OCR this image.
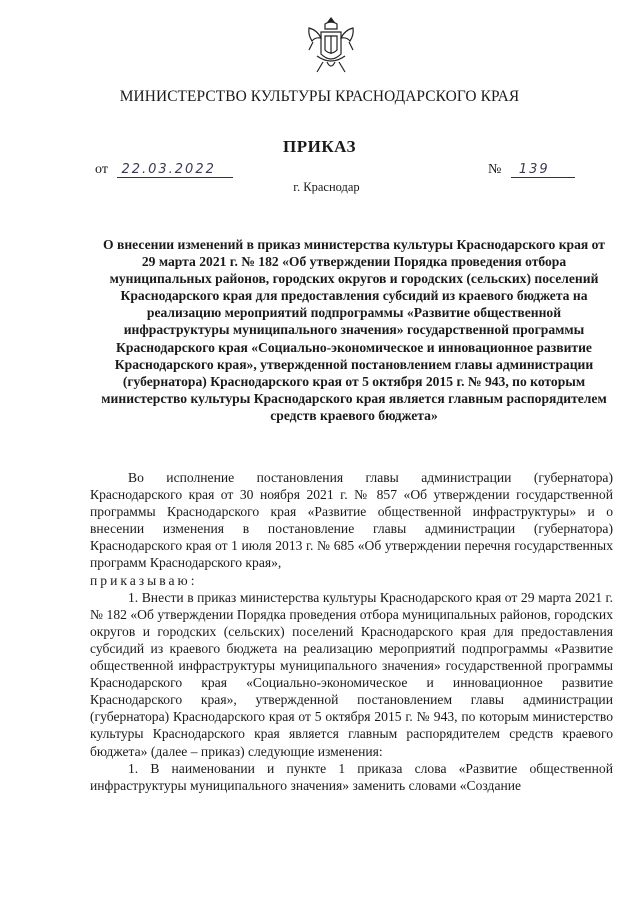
МИНИСТЕРСТВО КУЛЬТУРЫ КРАСНОДАРСКОГО КРАЯ
ПРИКАЗ
от 22.03.2022	№ 139
г. Краснодар
О внесении изменений в приказ министерства культуры Краснодарского края от 29 марта 2021 г. № 182 «Об утверждении Порядка проведения отбора муниципальных районов, городских округов и городских (сельских) поселений Краснодарского края для предоставления субсидий из краевого бюджета на реализацию мероприятий подпрограммы «Развитие общественной инфраструктуры муниципального значения» государственной программы Краснодарского края «Социально-экономическое и инновационное развитие Краснодарского края», утвержденной постановлением главы администрации (губернатора) Краснодарского края от 5 октября 2015 г. № 943, по которым министерство культуры Краснодарского края является главным распорядителем средств краевого бюджета»

Во исполнение постановления главы администрации (губернатора) Краснодарского края от 30 ноября 2021 г. № 857 «Об утверждении государственной программы Краснодарского края «Развитие общественной инфраструктуры» и о внесении изменения в постановление главы администрации (губернатора) Краснодарского края от 1 июля 2013 г. № 685 «Об утверждении перечня государственных программ Краснодарского края»,

приказываю:

1. Внести в приказ министерства культуры Краснодарского края от 29 марта 2021 г. № 182 «Об утверждении Порядка проведения отбора муниципальных районов, городских округов и городских (сельских) поселений Краснодарского края для предоставления субсидий из краевого бюджета на реализацию мероприятий подпрограммы «Развитие общественной инфраструктуры муниципального значения» государственной программы Краснодарского края «Социально-экономическое и инновационное развитие Краснодарского края», утвержденной постановлением главы администрации (губернатора) Краснодарского края от 5 октября 2015 г. № 943, по которым министерство культуры Краснодарского края является главным распорядителем средств краевого бюджета» (далее – приказ) следующие изменения:

1. В наименовании и пункте 1 приказа слова «Развитие общественной инфраструктуры муниципального значения» заменить словами «Создание
